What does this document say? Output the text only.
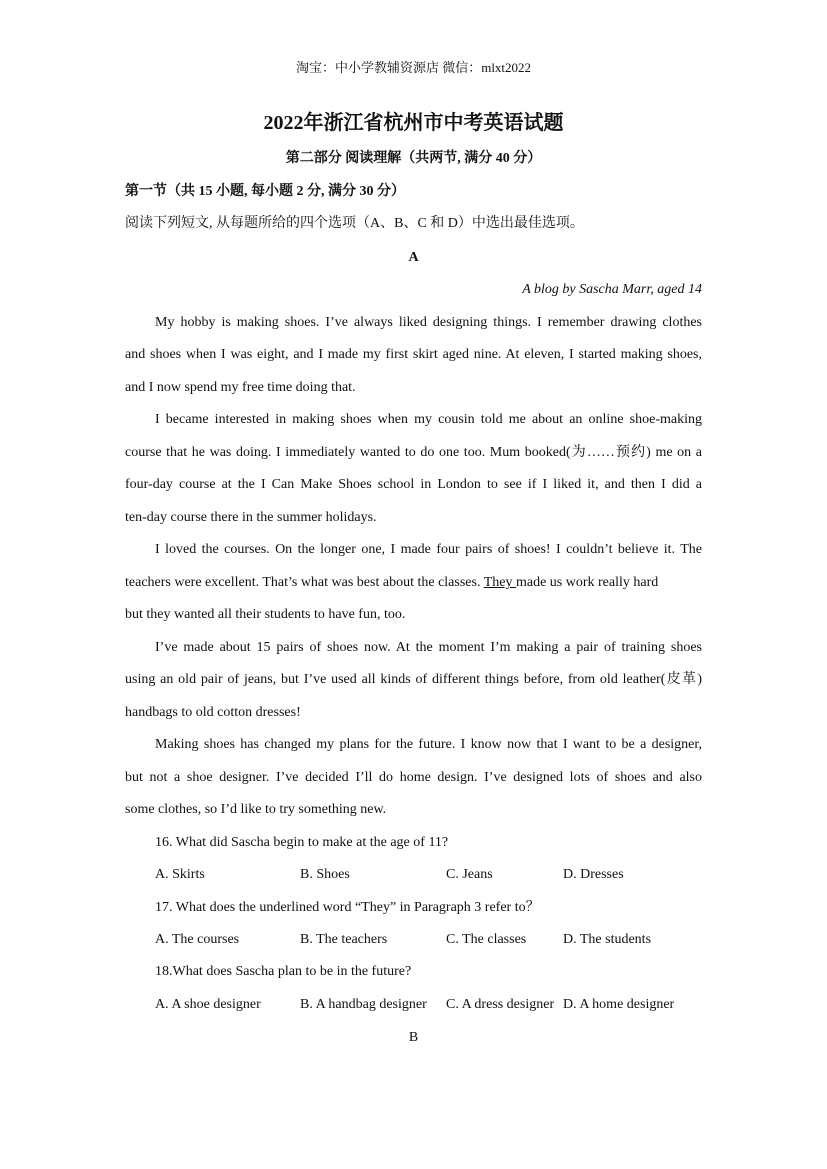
淘宝：中小学教辅资源店 微信：mlxt2022
2022年浙江省杭州市中考英语试题
第二部分 阅读理解（共两节, 满分 40 分）
第一节（共 15 小题, 每小题 2 分, 满分 30 分）
阅读下列短文, 从每题所给的四个选项（A、B、C 和 D）中选出最佳选项。
A
A blog by Sascha Marr, aged 14
My hobby is making shoes. I’ve always liked designing things. I remember drawing clothes
and shoes when I was eight, and I made my first skirt aged nine. At eleven, I started making shoes,
and I now spend my free time doing that.
I became interested in making shoes when my cousin told me about an online shoe-making
course that he was doing. I immediately wanted to do one too. Mum booked(为……预约) me on a
four-day course at the I Can Make Shoes school in London to see if I liked it, and then I did a
ten-day course there in the summer holidays.
I loved the courses. On the longer one, I made four pairs of shoes! I couldn’t believe it. The
teachers were excellent. That’s what was best about the classes. They made us work really hard
but they wanted all their students to have fun, too.
I’ve made about 15 pairs of shoes now. At the moment I’m making a pair of training shoes
using an old pair of jeans, but I’ve used all kinds of different things before, from old leather(皮革)
handbags to old cotton dresses!
Making shoes has changed my plans for the future. I know now that I want to be a designer,
but not a shoe designer. I’ve decided I’ll do home design. I’ve designed lots of shoes and also
some clothes, so I’d like to try something new.
16. What did Sascha begin to make at the age of 11?
A. Skirts	B. Shoes	C. Jeans	D. Dresses
17. What does the underlined word “They” in Paragraph 3 refer to？
A. The courses	B. The teachers	C. The classes	D. The students
18.What does Sascha plan to be in the future?
A. A shoe designer	B. A handbag designer C. A dress designer D. A home designer
B
